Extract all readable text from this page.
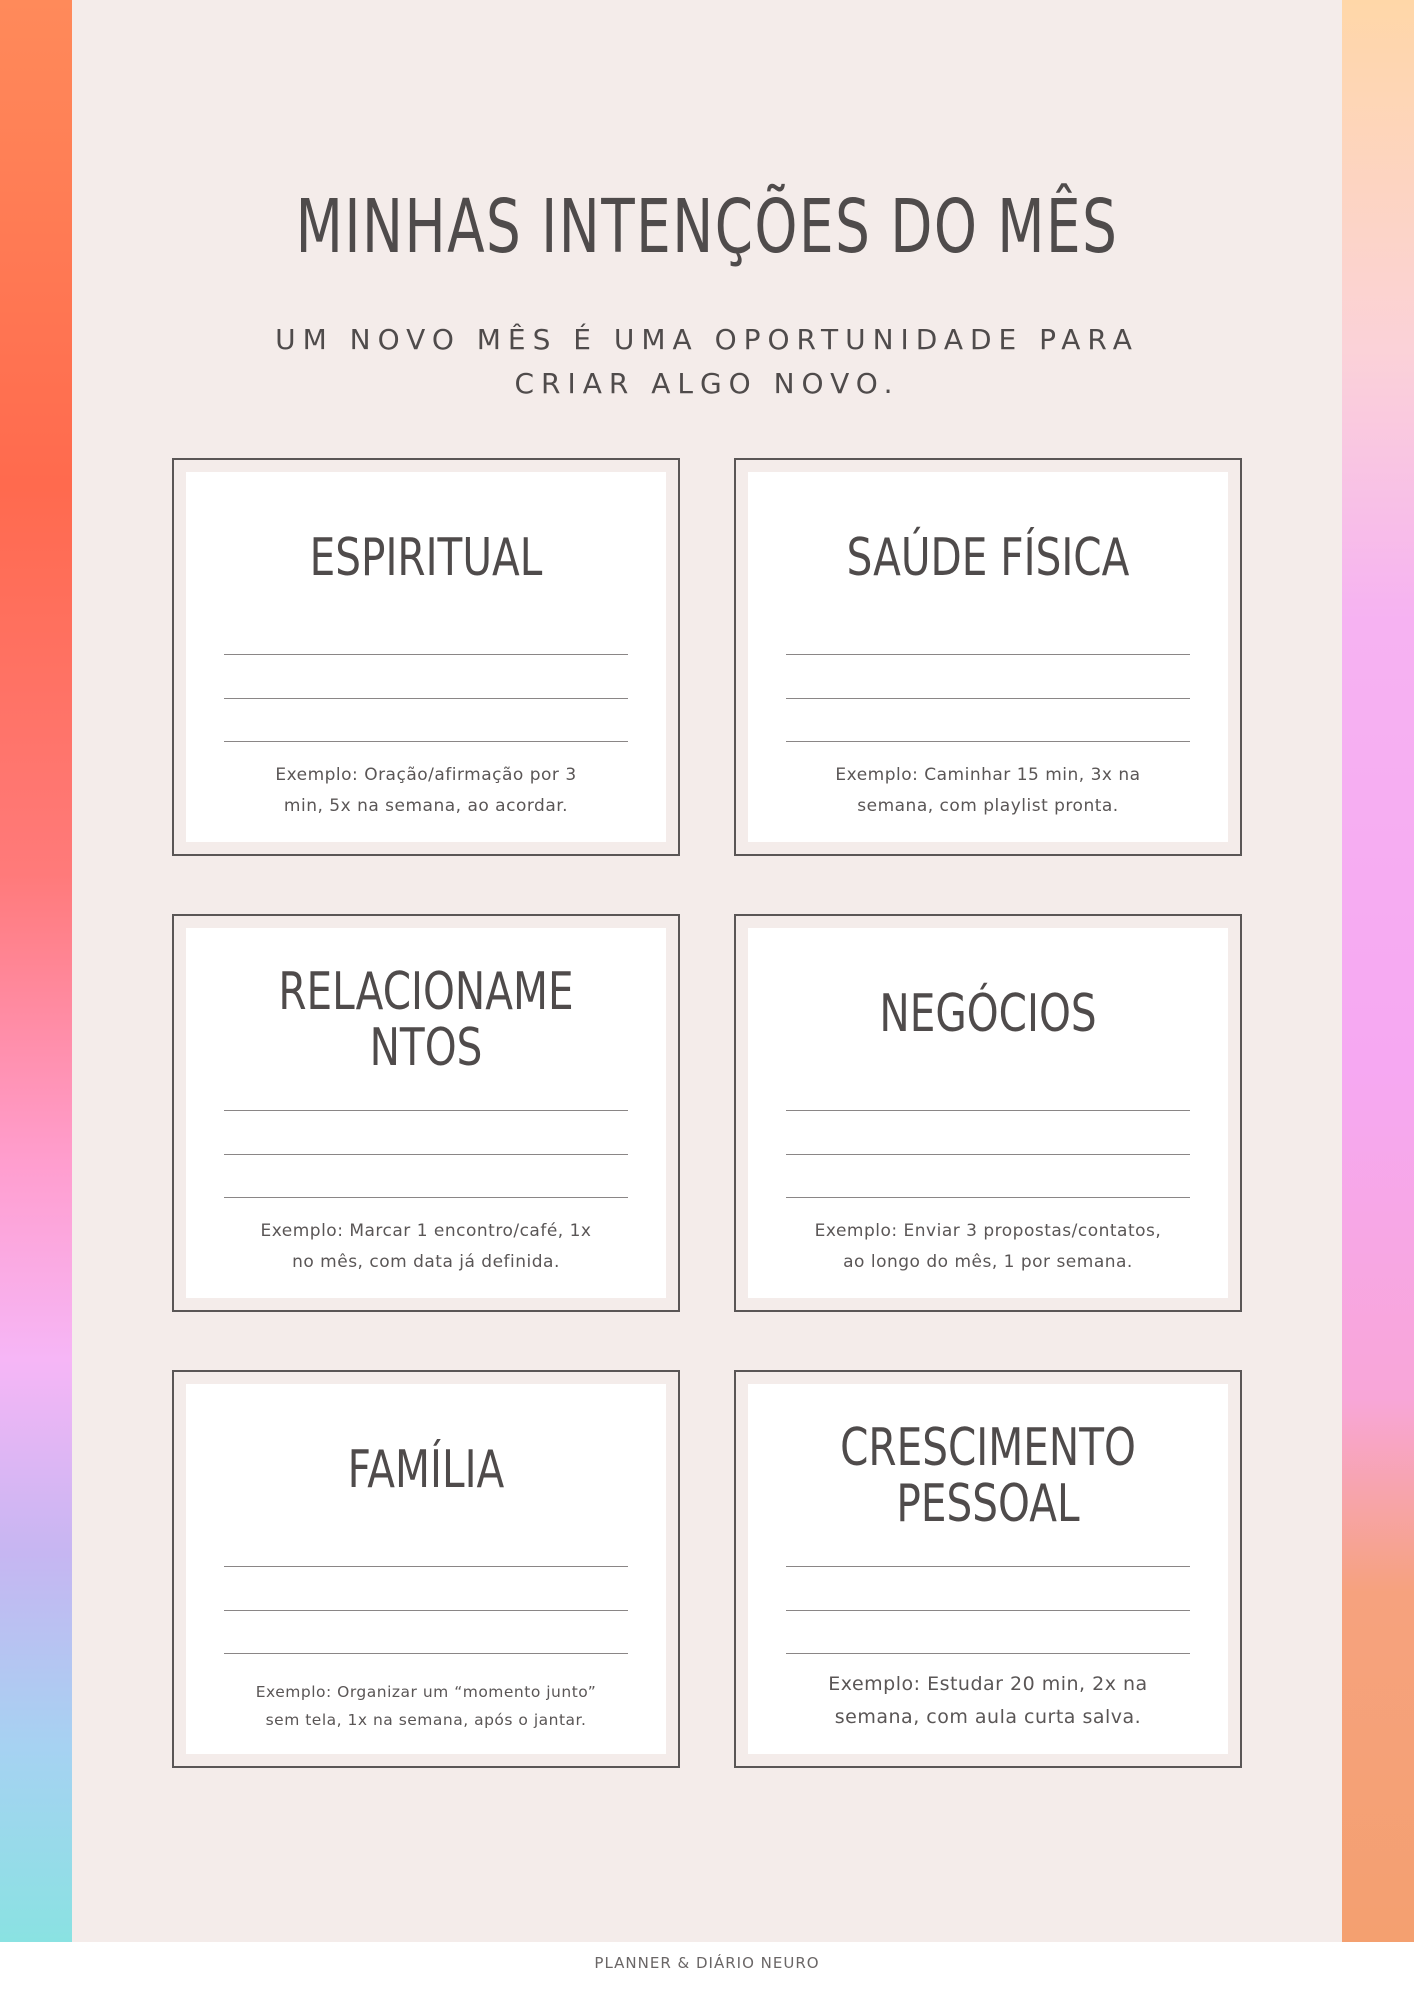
MINHAS INTENÇÕES DO MÊS

UM NOVO MÊS É UMA OPORTUNIDADE PARA
CRIAR ALGO NOVO.

ESPIRITUAL

Exemplo: Oração/afirmação por 3
min, 5x na semana, ao acordar.

SAÚDE FÍSICA

Exemplo: Caminhar 15 min, 3x na
semana, com playlist pronta.

RELACIONAME
NTOS

Exemplo: Marcar 1 encontro/café, 1x
no mês, com data já definida.

NEGÓCIOS

Exemplo: Enviar 3 propostas/contatos,
ao longo do mês, 1 por semana.

FAMÍLIA

Exemplo: Organizar um “momento junto”
sem tela, 1x na semana, após o jantar.

CRESCIMENTO
PESSOAL

Exemplo: Estudar 20 min, 2x na
semana, com aula curta salva.

PLANNER & DIÁRIO NEURO
